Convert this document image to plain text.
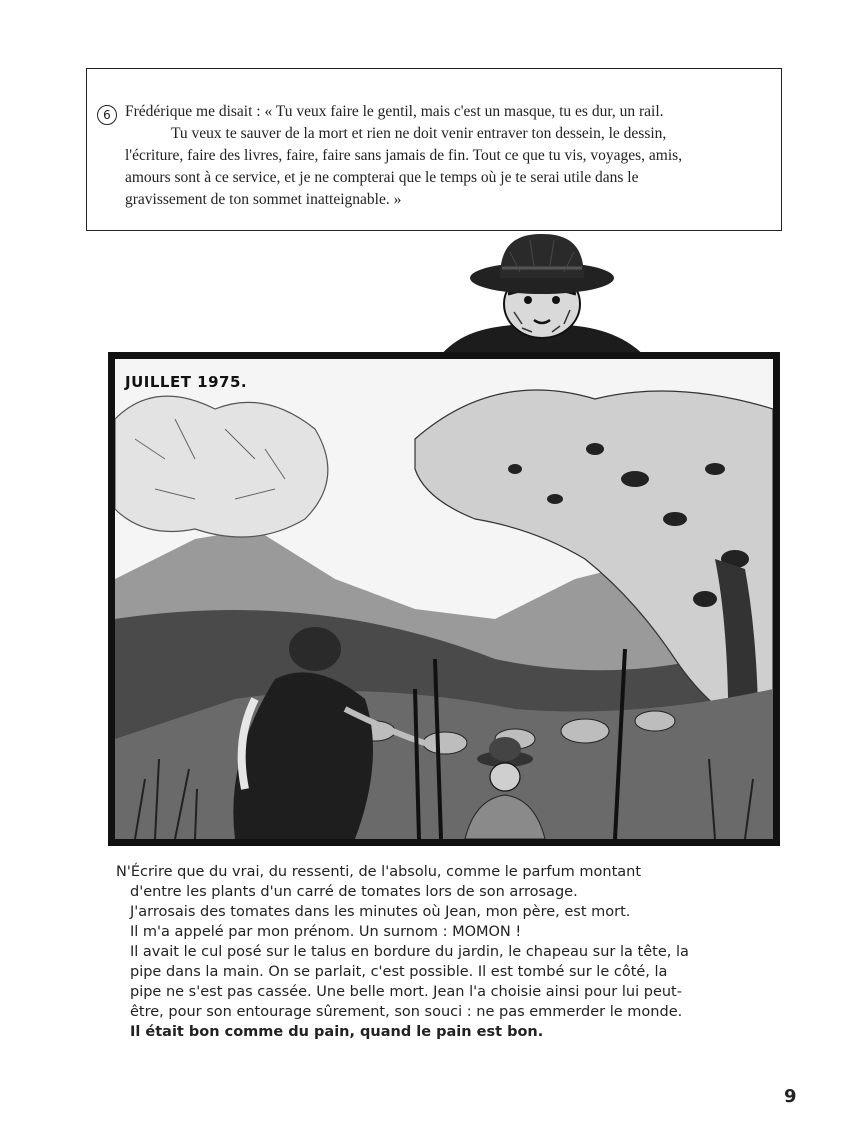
6 Frédérique me disait : « Tu veux faire le gentil, mais c'est un masque, tu es dur, un rail.
Tu veux te sauver de la mort et rien ne doit venir entraver ton dessein, le dessin,
l'écriture, faire des livres, faire, faire sans jamais de fin. Tout ce que tu vis, voyages, amis,
amours sont à ce service, et je ne compterai que le temps où je te serai utile dans le
gravissement de ton sommet inatteignable. »
JUILLET 1975.
N'Écrire que du vrai, du ressenti, de l'absolu, comme le parfum montant
d'entre les plants d'un carré de tomates lors de son arrosage.
J'arrosais des tomates dans les minutes où Jean, mon père, est mort.
Il m'a appelé par mon prénom. Un surnom : MOMON !
Il avait le cul posé sur le talus en bordure du jardin, le chapeau sur la tête, la
pipe dans la main. On se parlait, c'est possible. Il est tombé sur le côté, la
pipe ne s'est pas cassée. Une belle mort. Jean l'a choisie ainsi pour lui peut-
être, pour son entourage sûrement, son souci : ne pas emmerder le monde.
Il était bon comme du pain, quand le pain est bon.
9
